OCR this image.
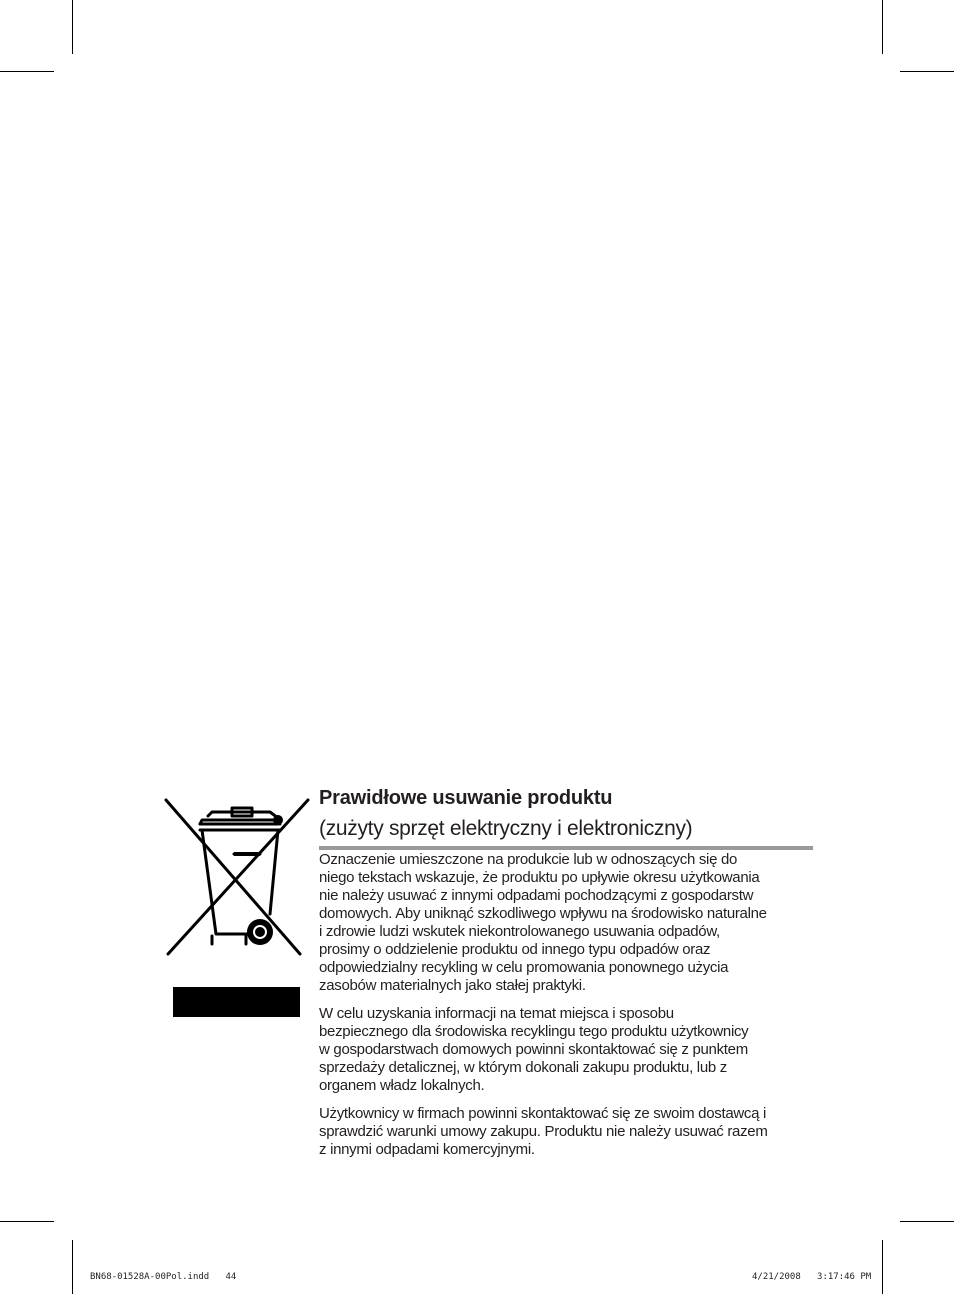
Prawidłowe usuwanie produktu
(zużyty sprzęt elektryczny i elektroniczny)

Oznaczenie umieszczone na produkcie lub w odnoszących się do
niego tekstach wskazuje, że produktu po upływie okresu użytkowania
nie należy usuwać z innymi odpadami pochodzącymi z gospodarstw
domowych. Aby uniknąć szkodliwego wpływu na środowisko naturalne
i zdrowie ludzi wskutek niekontrolowanego usuwania odpadów,
prosimy o oddzielenie produktu od innego typu odpadów oraz
odpowiedzialny recykling w celu promowania ponownego użycia
zasobów materialnych jako stałej praktyki.

W celu uzyskania informacji na temat miejsca i sposobu
bezpiecznego dla środowiska recyklingu tego produktu użytkownicy
w gospodarstwach domowych powinni skontaktować się z punktem
sprzedaży detalicznej, w którym dokonali zakupu produktu, lub z
organem władz lokalnych.

Użytkownicy w firmach powinni skontaktować się ze swoim dostawcą i
sprawdzić warunki umowy zakupu. Produktu nie należy usuwać razem
z innymi odpadami komercyjnymi.

BN68-01528A-00Pol.indd   44	4/21/2008   3:17:46 PM
